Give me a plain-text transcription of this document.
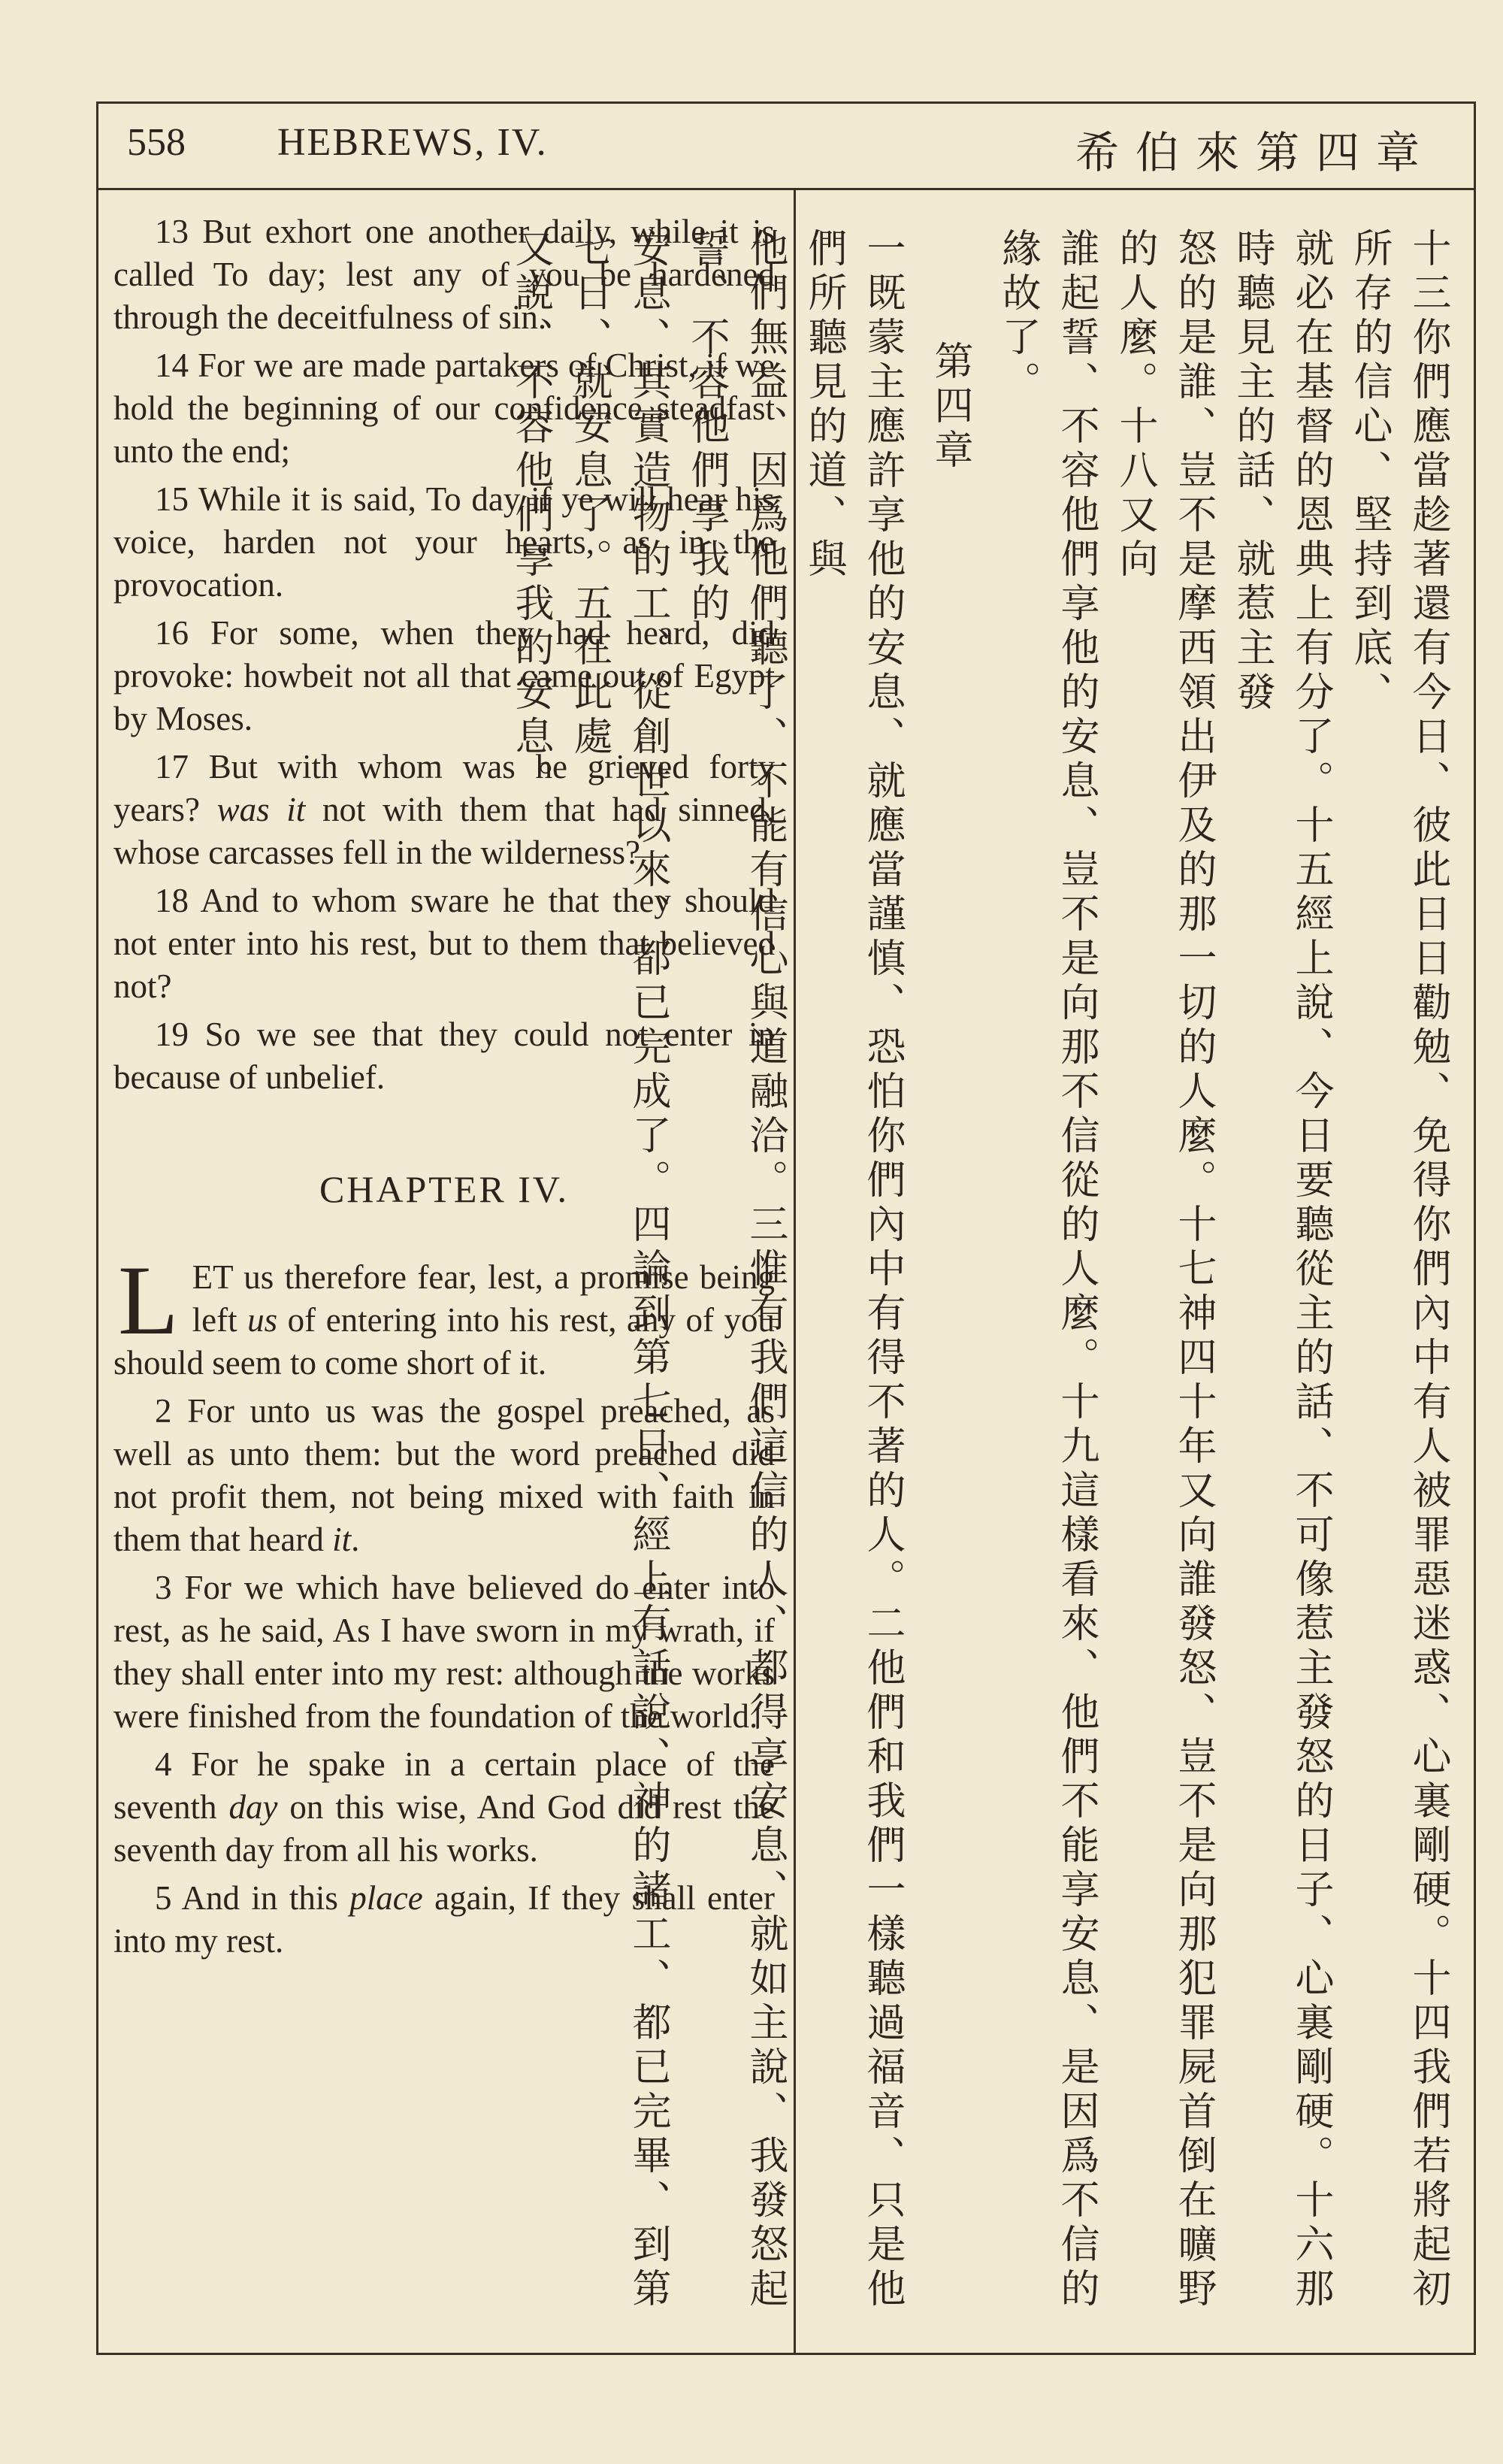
558 HEBREWS, IV.	希伯來第四章

13 But exhort one another daily, while it is called To day; lest any of you be hardened through the deceitfulness of sin.

14 For we are made partakers of Christ, if we hold the beginning of our confidence steadfast unto the end;

15 While it is said, To day if ye will hear his voice, harden not your hearts, as in the provocation.

16 For some, when they had heard, did provoke: howbeit not all that came out of Egypt by Moses.

17 But with whom was he grieved forty years? was it not with them that had sinned, whose carcasses fell in the wilderness?

18 And to whom sware he that they should not enter into his rest, but to them that believed not?

19 So we see that they could not enter in because of unbelief.

CHAPTER IV.

LET us therefore fear, lest, a promise being left us of entering into his rest, any of you should seem to come short of it.

2 For unto us was the gospel preached, as well as unto them: but the word preached did not profit them, not being mixed with faith in them that heard it.

3 For we which have believed do enter into rest, as he said, As I have sworn in my wrath, if they shall enter into my rest: although the works were finished from the foundation of the world.

4 For he spake in a certain place of the seventh day on this wise, And God did rest the seventh day from all his works.

5 And in this place again, If they shall enter into my rest.	十三你們應當趁著還有今日、彼此日日勸勉、免得你們內中有人被罪惡迷惑、心裏剛硬。十四我們若將起初所存的信心、堅持到底、
就必在基督的恩典上有分了。十五經上說、今日要聽從主的話、不可像惹主發怒的日子、心裏剛硬。十六那時聽見主的話、就惹主發
怒的是誰、豈不是摩西領出伊及的那一切的人麼。十七神四十年又向誰發怒、豈不是向那犯罪屍首倒在曠野的人麼。十八又向
誰起誓、不容他們享他的安息、豈不是向那不信從的人麼。十九這樣看來、他們不能享安息、是因爲不信的緣故了。
第四章
一既蒙主應許享他的安息、就應當謹慎、恐怕你們內中有得不著的人。二他們和我們一樣聽過福音、只是他們所聽見的道、與
他們無益、因爲他們聽了、不能有信心與道融洽。三惟有我們這信的人、都得享安息、就如主說、我發怒起誓、不容他們享我的
安息、其實造物的工、從創世以來、都已完成了。四論到第七日、經上有話說、神的諸工、都已完畢、到第七日、就安息了。五在此處
又說、不容他們享我的安息。
